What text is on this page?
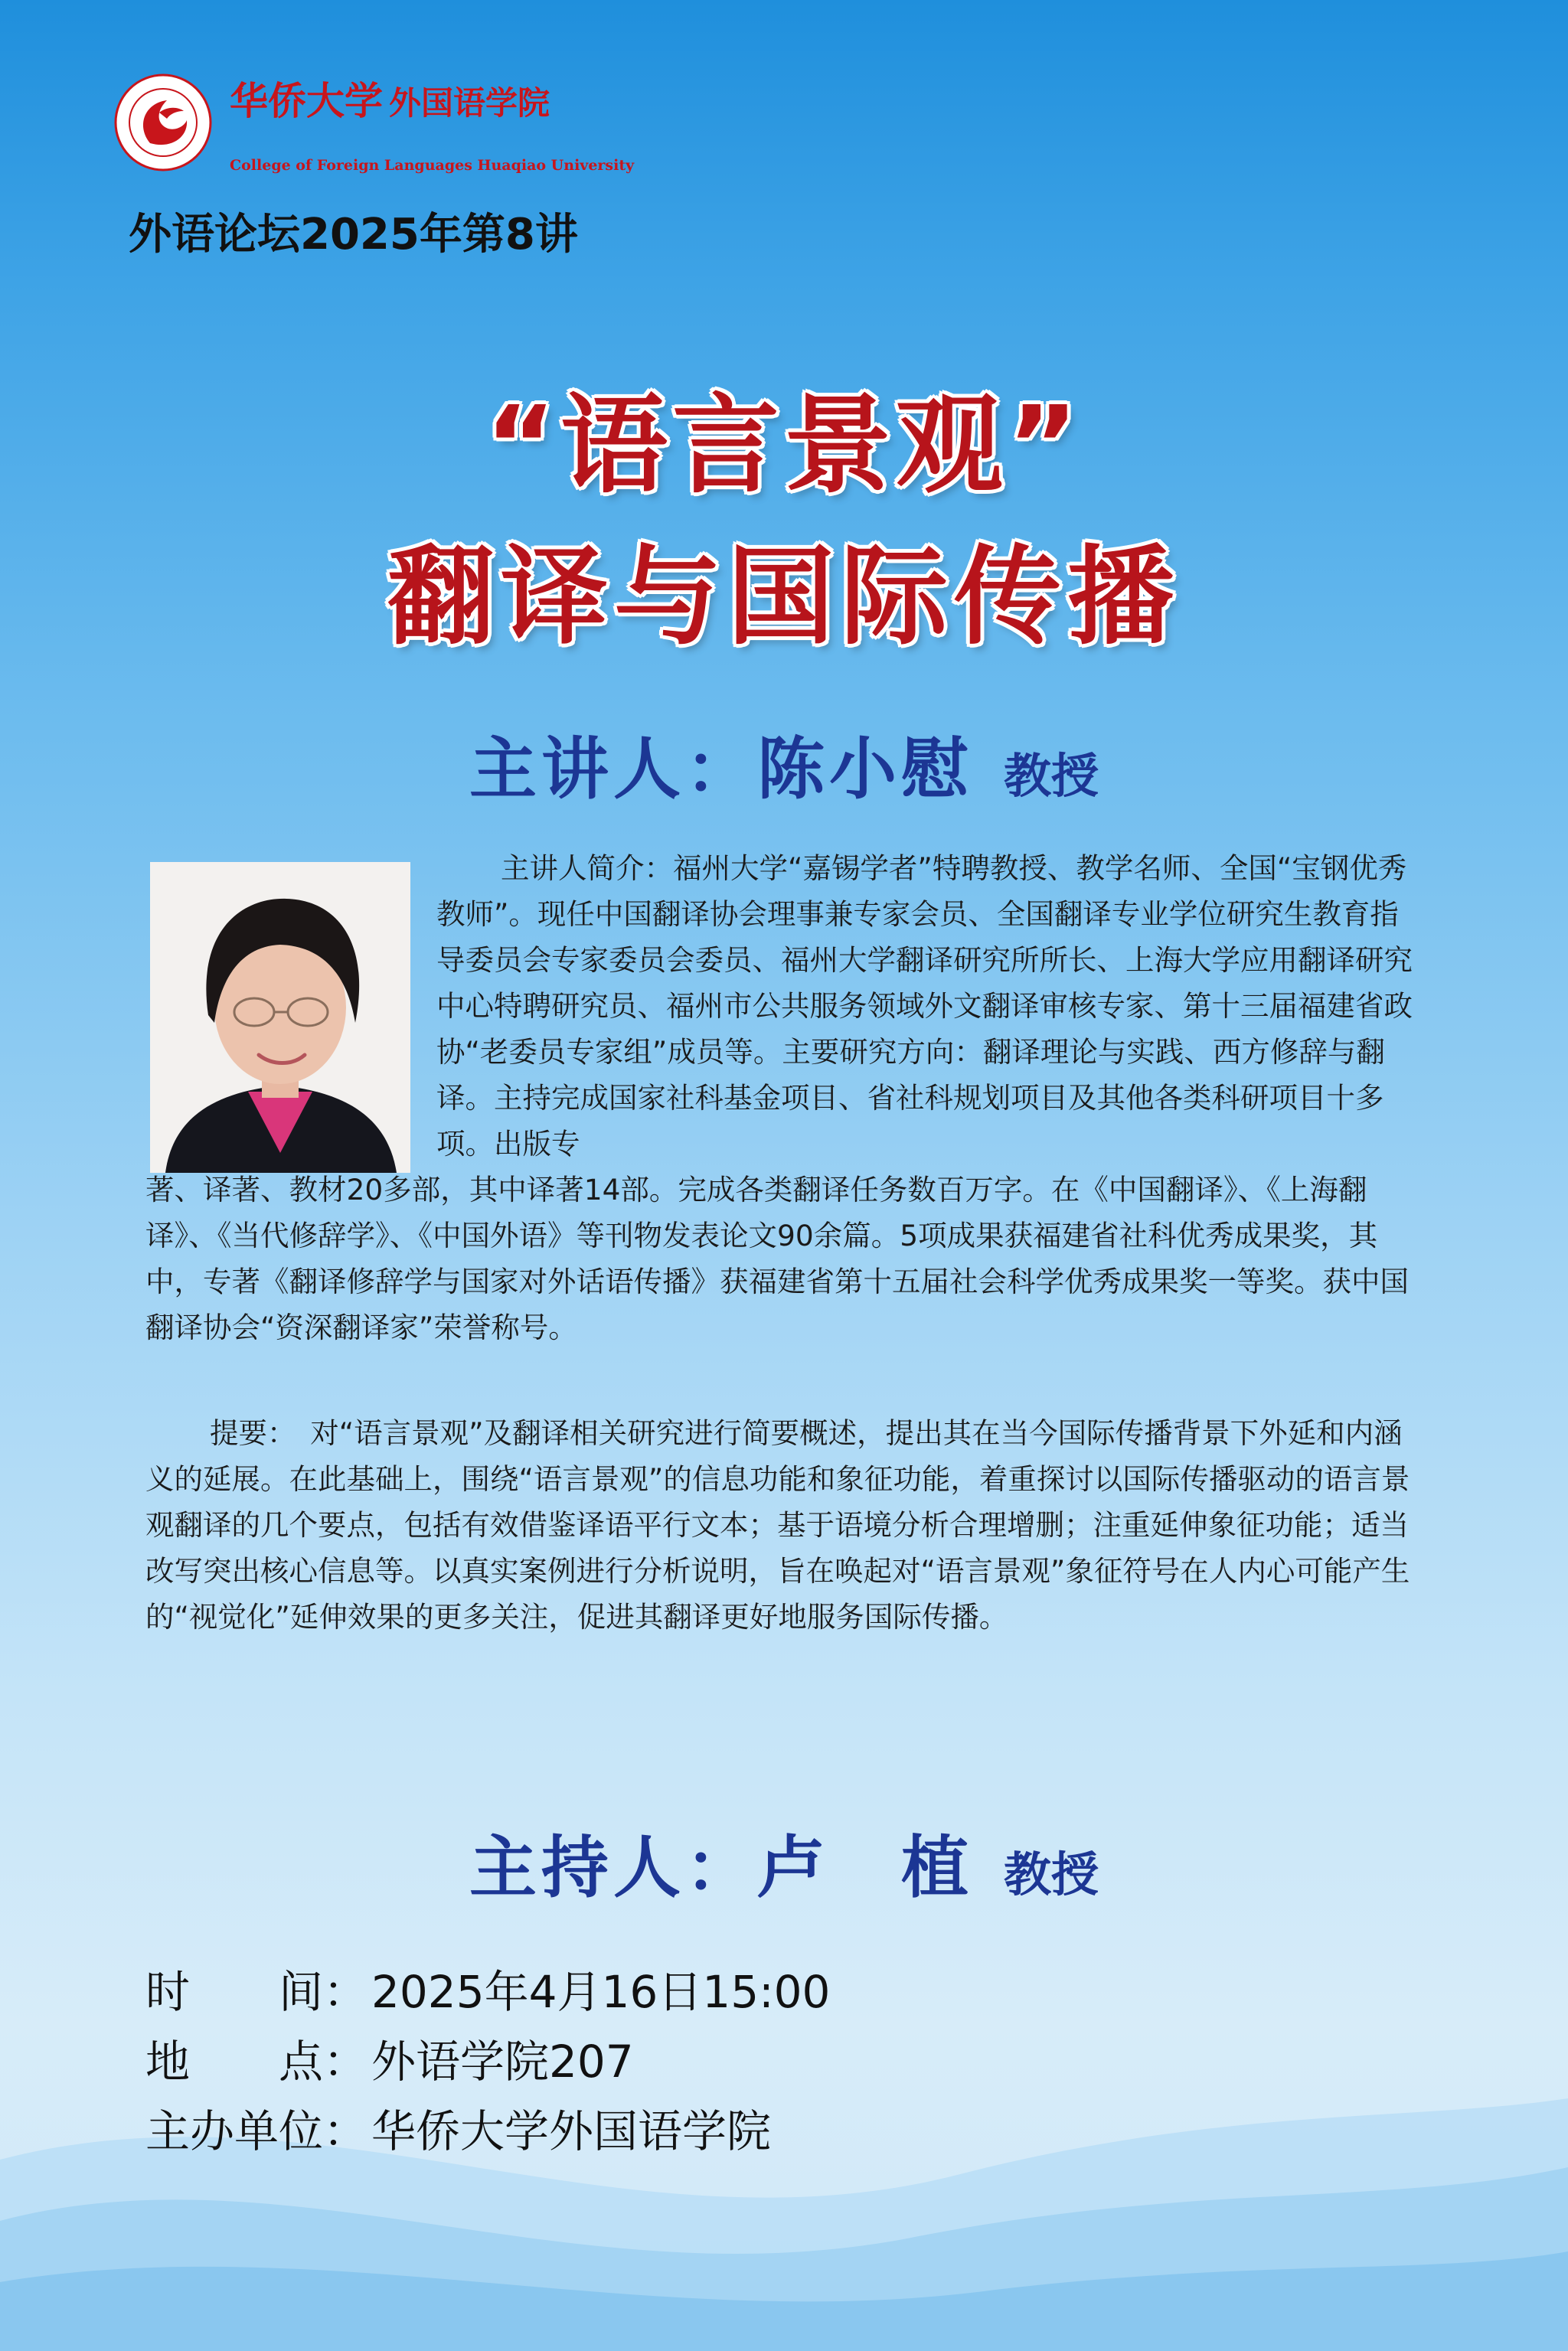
华侨大学 外国语学院
College of Foreign Languages Huaqiao University
外语论坛2025年第8讲
“语言景观”
翻译与国际传播
主讲人：陈小慰 教授

主讲人简介：福州大学“嘉锡学者”特聘教授、教学名师、全国“宝钢优秀教师”。现任中国翻译协会理事兼专家会员、全国翻译专业学位研究生教育指导委员会专家委员会委员、福州大学翻译研究所所长、上海大学应用翻译研究中心特聘研究员、福州市公共服务领域外文翻译审核专家、第十三届福建省政协“老委员专家组”成员等。主要研究方向：翻译理论与实践、西方修辞与翻译。主持完成国家社科基金项目、省社科规划项目及其他各类科研项目十多项。出版专

著、译著、教材20多部，其中译著14部。完成各类翻译任务数百万字。在《中国翻译》、《上海翻译》、《当代修辞学》、《中国外语》等刊物发表论文90余篇。5项成果获福建省社科优秀成果奖，其中，专著《翻译修辞学与国家对外话语传播》获福建省第十五届社会科学优秀成果奖一等奖。获中国翻译协会“资深翻译家”荣誉称号。

提要：　对“语言景观”及翻译相关研究进行简要概述，提出其在当今国际传播背景下外延和内涵义的延展。在此基础上，围绕“语言景观”的信息功能和象征功能，着重探讨以国际传播驱动的语言景观翻译的几个要点，包括有效借鉴译语平行文本；基于语境分析合理增删；注重延伸象征功能；适当改写突出核心信息等。以真实案例进行分析说明，旨在唤起对“语言景观”象征符号在人内心可能产生的“视觉化”延伸效果的更多关注，促进其翻译更好地服务国际传播。

主持人：卢　植 教授
时　　间：2025年4月16日15:00
地　　点：外语学院207
主办单位：华侨大学外国语学院
